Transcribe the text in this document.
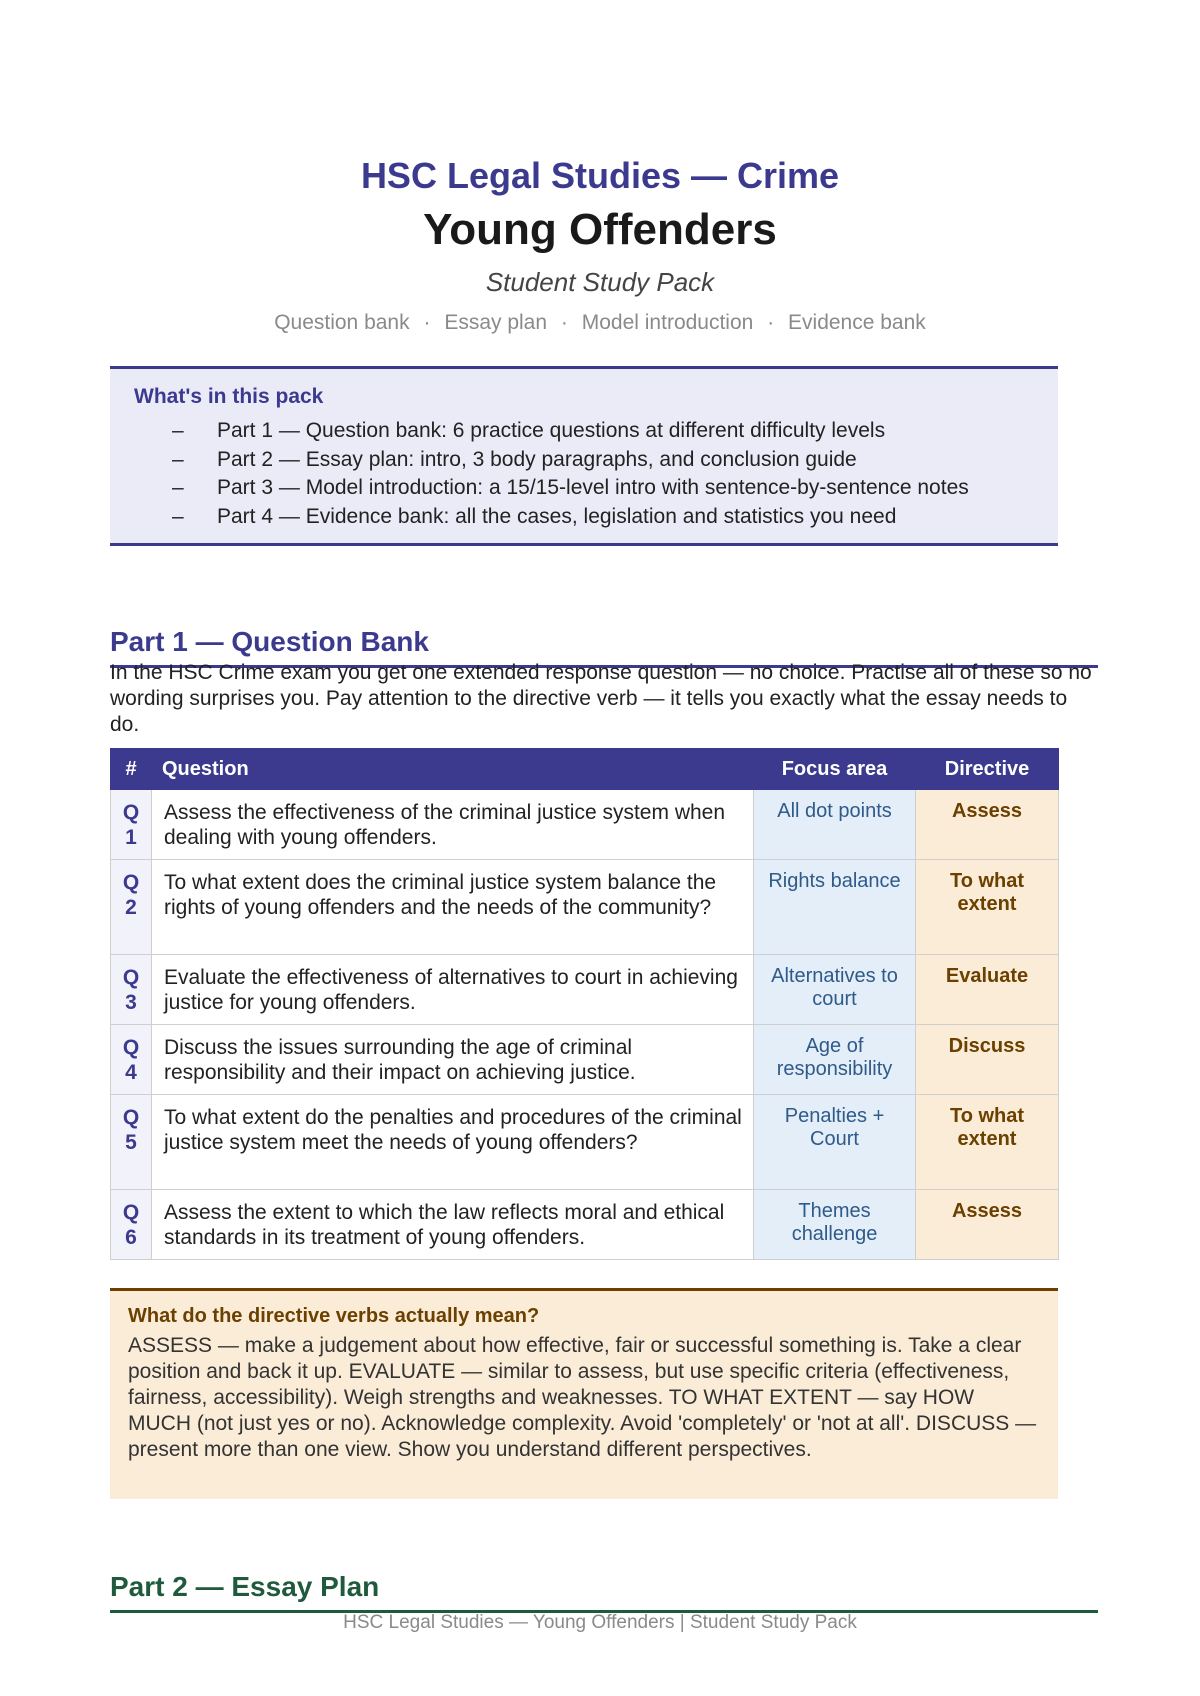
HSC Legal Studies — Crime
Young Offenders
Student Study Pack
Question bank · Essay plan · Model introduction · Evidence bank
What's in this pack
– Part 1 — Question bank: 6 practice questions at different difficulty levels
– Part 2 — Essay plan: intro, 3 body paragraphs, and conclusion guide
– Part 3 — Model introduction: a 15/15-level intro with sentence-by-sentence notes
– Part 4 — Evidence bank: all the cases, legislation and statistics you need
Part 1 — Question Bank

In the HSC Crime exam you get one extended response question — no choice. Practise all of these so no wording surprises you. Pay attention to the directive verb — it tells you exactly what the essay needs to do.

#	Question	Focus area	Directive
Q 1	Assess the effectiveness of the criminal justice system when dealing with young offenders.	All dot points	Assess
Q 2	To what extent does the criminal justice system balance the rights of young offenders and the needs of the community?	Rights balance	To what extent
Q 3	Evaluate the effectiveness of alternatives to court in achieving justice for young offenders.	Alternatives to court	Evaluate
Q 4	Discuss the issues surrounding the age of criminal responsibility and their impact on achieving justice.	Age of responsibility	Discuss
Q 5	To what extent do the penalties and procedures of the criminal justice system meet the needs of young offenders?	Penalties + Court	To what extent
Q 6	Assess the extent to which the law reflects moral and ethical standards in its treatment of young offenders.	Themes challenge	Assess
What do the directive verbs actually mean?
ASSESS — make a judgement about how effective, fair or successful something is. Take a clear position and back it up. EVALUATE — similar to assess, but use specific criteria (effectiveness, fairness, accessibility). Weigh strengths and weaknesses. TO WHAT EXTENT — say HOW MUCH (not just yes or no). Acknowledge complexity. Avoid 'completely' or 'not at all'. DISCUSS — present more than one view. Show you understand different perspectives.
Part 2 — Essay Plan
HSC Legal Studies — Young Offenders | Student Study Pack
